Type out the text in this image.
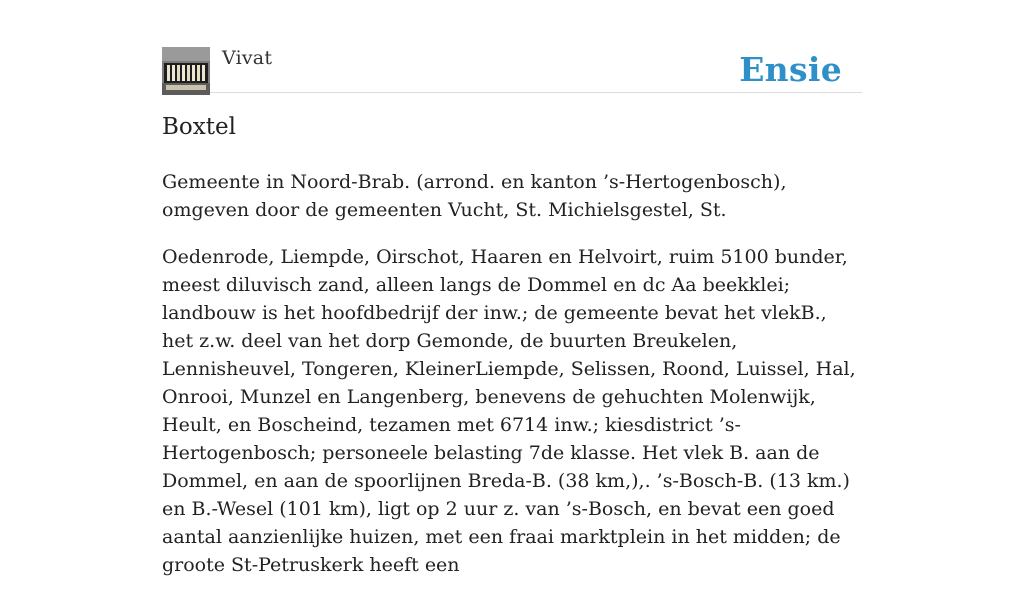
Vivat	Ensie
Boxtel

Gemeente in Noord-Brab. (arrond. en kanton ’s-Hertogenbosch), omgeven door de gemeenten Vucht, St. Michielsgestel, St.

Oedenrode, Liempde, Oirschot, Haaren en Helvoirt, ruim 5100 bunder, meest diluvisch zand, alleen langs de Dommel en dc Aa beekklei; landbouw is het hoofdbedrijf der inw.; de gemeente bevat het vlekB., het z.w. deel van het dorp Gemonde, de buurten Breukelen, Lennisheuvel, Tongeren, KleinerLiempde, Selissen, Roond, Luissel, Hal, Onrooi, Munzel en Langenberg, benevens de gehuchten Molenwijk, Heult, en Boscheind, tezamen met 6714 inw.; kiesdistrict ’s-Hertogenbosch; personeele belasting 7de klasse. Het vlek B. aan de Dommel, en aan de spoorlijnen Breda-B. (38 km,),. ’s-Bosch-B. (13 km.) en B.-Wesel (101 km), ligt op 2 uur z. van ’s-Bosch, en bevat een goed aantal aanzienlijke huizen, met een fraai marktplein in het midden; de groote St-Petruskerk heeft een
